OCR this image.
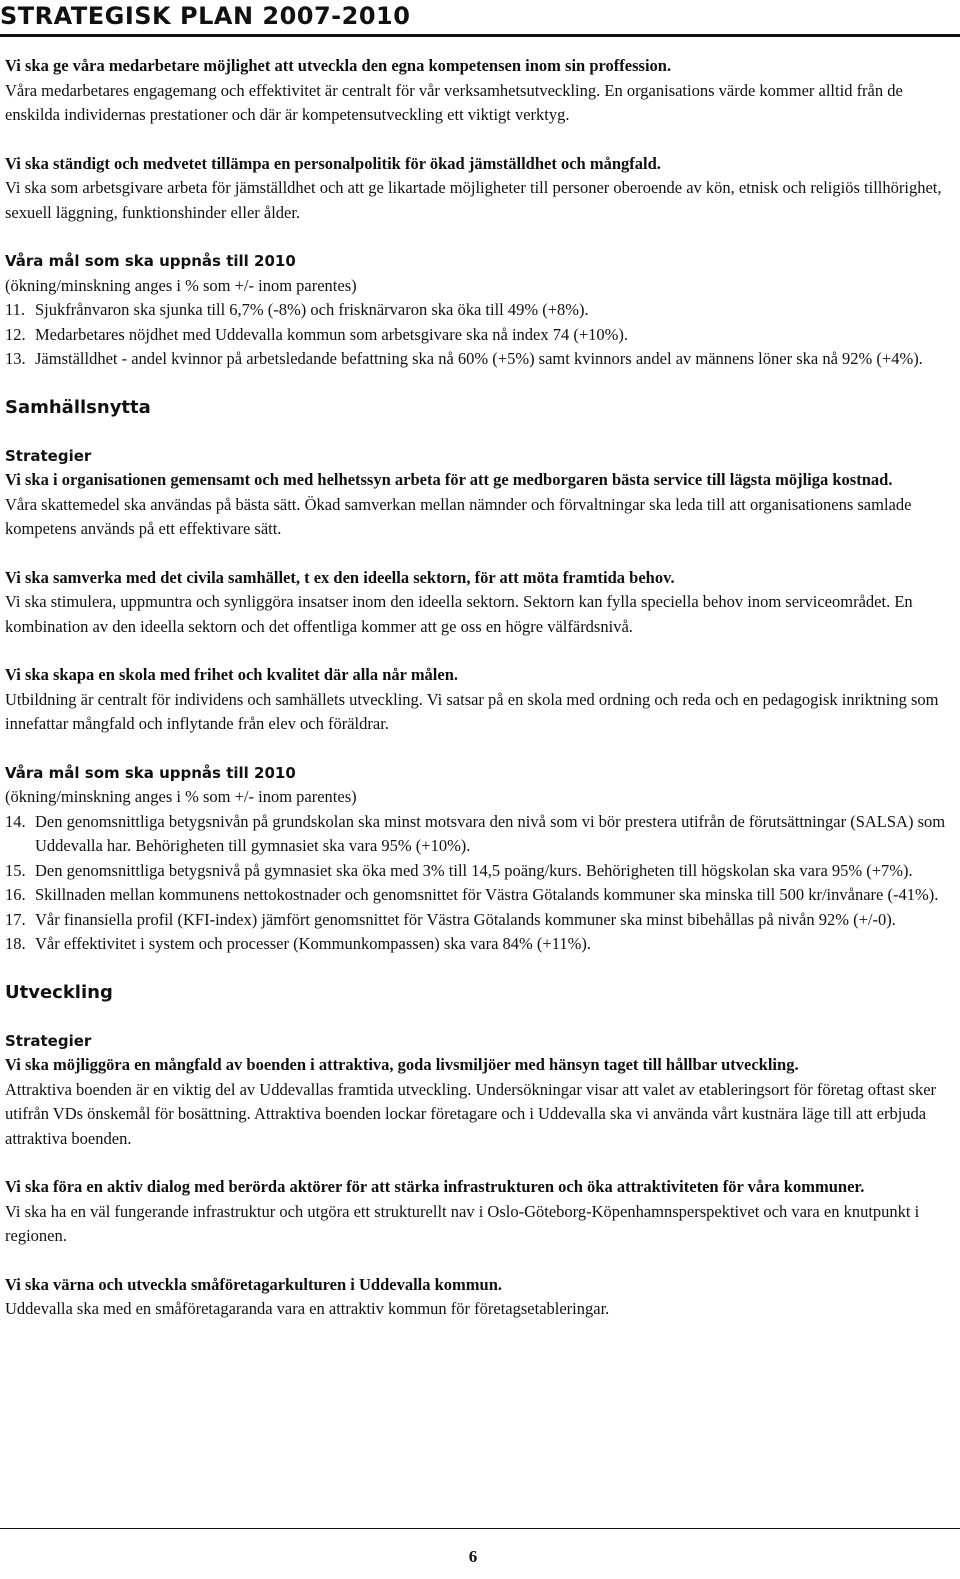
STRATEGISK PLAN 2007-2010

Vi ska ge våra medarbetare möjlighet att utveckla den egna kompetensen inom sin proffession.

Våra medarbetares engagemang och effektivitet är centralt för vår verksamhetsutveckling. En organisations värde kommer alltid från de enskilda individernas prestationer och där är kompetensutveckling ett viktigt verktyg.

Vi ska ständigt och medvetet tillämpa en personalpolitik för ökad jämställdhet och mångfald.

Vi ska som arbetsgivare arbeta för jämställdhet och att ge likartade möjligheter till personer oberoende av kön, etnisk och religiös tillhörighet, sexuell läggning, funktionshinder eller ålder.

Våra mål som ska uppnås till 2010

(ökning/minskning anges i % som +/- inom parentes)

11. Sjukfrånvaron ska sjunka till 6,7% (-8%) och frisknärvaron ska öka till 49% (+8%).

12. Medarbetares nöjdhet med Uddevalla kommun som arbetsgivare ska nå index 74 (+10%).

13. Jämställdhet - andel kvinnor på arbetsledande befattning ska nå 60% (+5%) samt kvinnors andel av männens löner ska nå 92% (+4%).

Samhällsnytta

Strategier

Vi ska i organisationen gemensamt och med helhetssyn arbeta för att ge medborgaren bästa service till lägsta möjliga kostnad.

Våra skattemedel ska användas på bästa sätt. Ökad samverkan mellan nämnder och förvaltningar ska leda till att organisationens samlade kompetens används på ett effektivare sätt.

Vi ska samverka med det civila samhället, t ex den ideella sektorn, för att möta framtida behov.

Vi ska stimulera, uppmuntra och synliggöra insatser inom den ideella sektorn. Sektorn kan fylla speciella behov inom serviceområdet. En kombination av den ideella sektorn och det offentliga kommer att ge oss en högre välfärdsnivå.

Vi ska skapa en skola med frihet och kvalitet där alla når målen.

Utbildning är centralt för individens och samhällets utveckling. Vi satsar på en skola med ordning och reda och en pedagogisk inriktning som innefattar mångfald och inflytande från elev och föräldrar.

Våra mål som ska uppnås till 2010

(ökning/minskning anges i % som +/- inom parentes)

14. Den genomsnittliga betygsnivån på grundskolan ska minst motsvara den nivå som vi bör prestera utifrån de förutsättningar (SALSA) som Uddevalla har. Behörigheten till gymnasiet ska vara 95% (+10%).

15. Den genomsnittliga betygsnivå på gymnasiet ska öka med 3% till 14,5 poäng/kurs. Behörigheten till högskolan ska vara 95% (+7%).

16. Skillnaden mellan kommunens nettokostnader och genomsnittet för Västra Götalands kommuner ska minska till 500 kr/invånare (-41%).

17. Vår finansiella profil (KFI-index) jämfört genomsnittet för Västra Götalands kommuner ska minst bibehållas på nivån 92% (+/-0).

18. Vår effektivitet i system och processer (Kommunkompassen) ska vara 84% (+11%).

Utveckling

Strategier

Vi ska möjliggöra en mångfald av boenden i attraktiva, goda livsmiljöer med hänsyn taget till hållbar utveckling.

Attraktiva boenden är en viktig del av Uddevallas framtida utveckling. Undersökningar visar att valet av etableringsort för företag oftast sker utifrån VDs önskemål för bosättning. Attraktiva boenden lockar företagare och i Uddevalla ska vi använda vårt kustnära läge till att erbjuda attraktiva boenden.

Vi ska föra en aktiv dialog med berörda aktörer för att stärka infrastrukturen och öka attraktiviteten för våra kommuner.

Vi ska ha en väl fungerande infrastruktur och utgöra ett strukturellt nav i Oslo-Göteborg-Köpenhamnsperspektivet och vara en knutpunkt i regionen.

Vi ska värna och utveckla småföretagarkulturen i Uddevalla kommun.

Uddevalla ska med en småföretagaranda vara en attraktiv kommun för företagsetableringar.

6
